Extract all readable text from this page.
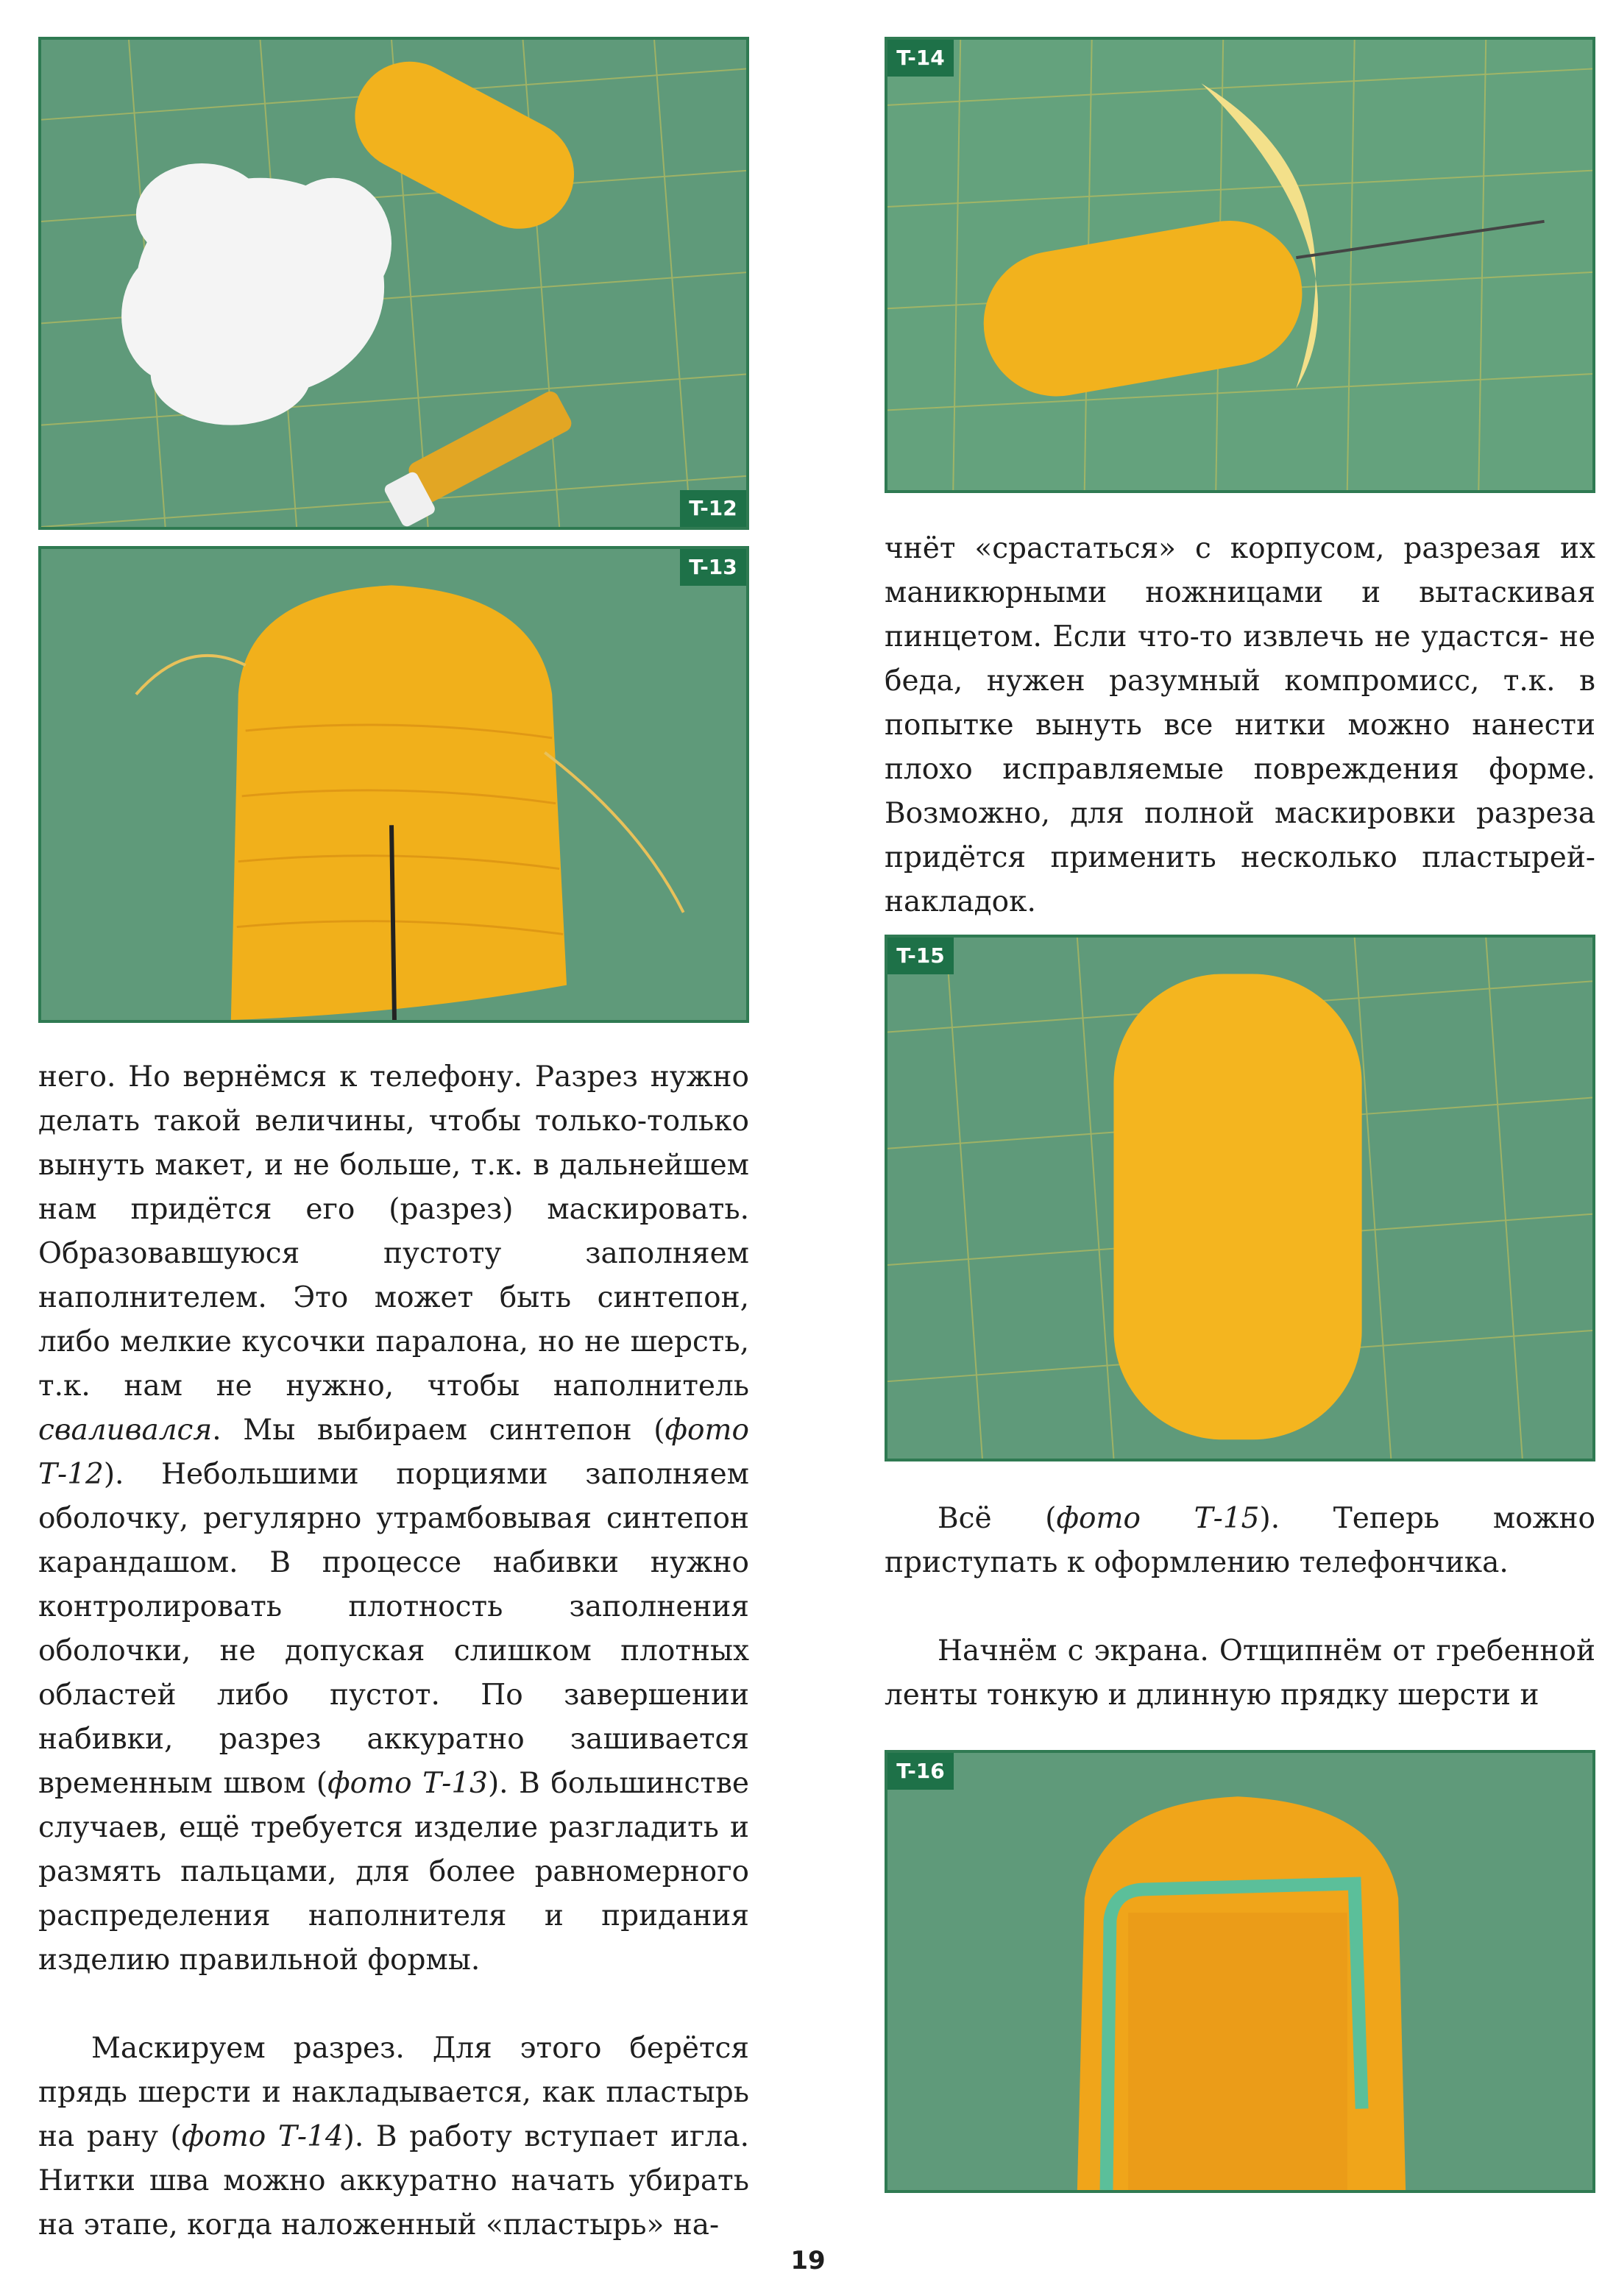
T-12
T-13
T-14
T-15
T-16

него. Но вернёмся к телефону. Разрез нужно делать такой величины, чтобы только-только вынуть макет, и не больше, т.к. в дальнейшем нам придётся его (разрез) маскировать. Образовавшуюся пустоту заполняем наполнителем. Это может быть синтепон, либо мелкие кусочки паралона, но не шерсть, т.к. нам не нужно, чтобы наполнитель сваливался. Мы выбираем синтепон (фото Т-12). Небольшими порциями заполняем оболочку, регулярно утрамбовывая синтепон карандашом. В процессе набивки нужно контролировать плотность заполнения оболочки, не допуская слишком плотных областей либо пустот. По завершении набивки, разрез аккуратно зашивается временным швом (фото Т-13). В большинстве случаев, ещё требуется изделие разгладить и размять пальцами, для более равномерного распределения наполнителя и придания изделию правильной формы.

Маскируем разрез. Для этого берётся прядь шерсти и накладывается, как пластырь на рану (фото Т-14). В работу вступает игла. Нитки шва можно аккуратно начать убирать на этапе, когда наложенный «пластырь» на-

чнёт «срастаться» с корпусом, разрезая их маникюрными ножницами и вытаскивая пинцетом. Если что-то извлечь не удастся- не беда, нужен разумный компромисс, т.к. в попытке вынуть все нитки можно нанести плохо исправляемые повреждения форме. Возможно, для полной маскировки разреза придётся применить несколько пластырей-накладок.

Всё (фото Т-15). Теперь можно приступать к оформлению телефончика.

Начнём с экрана. Отщипнём от гребенной ленты тонкую и длинную прядку шерсти и

19
